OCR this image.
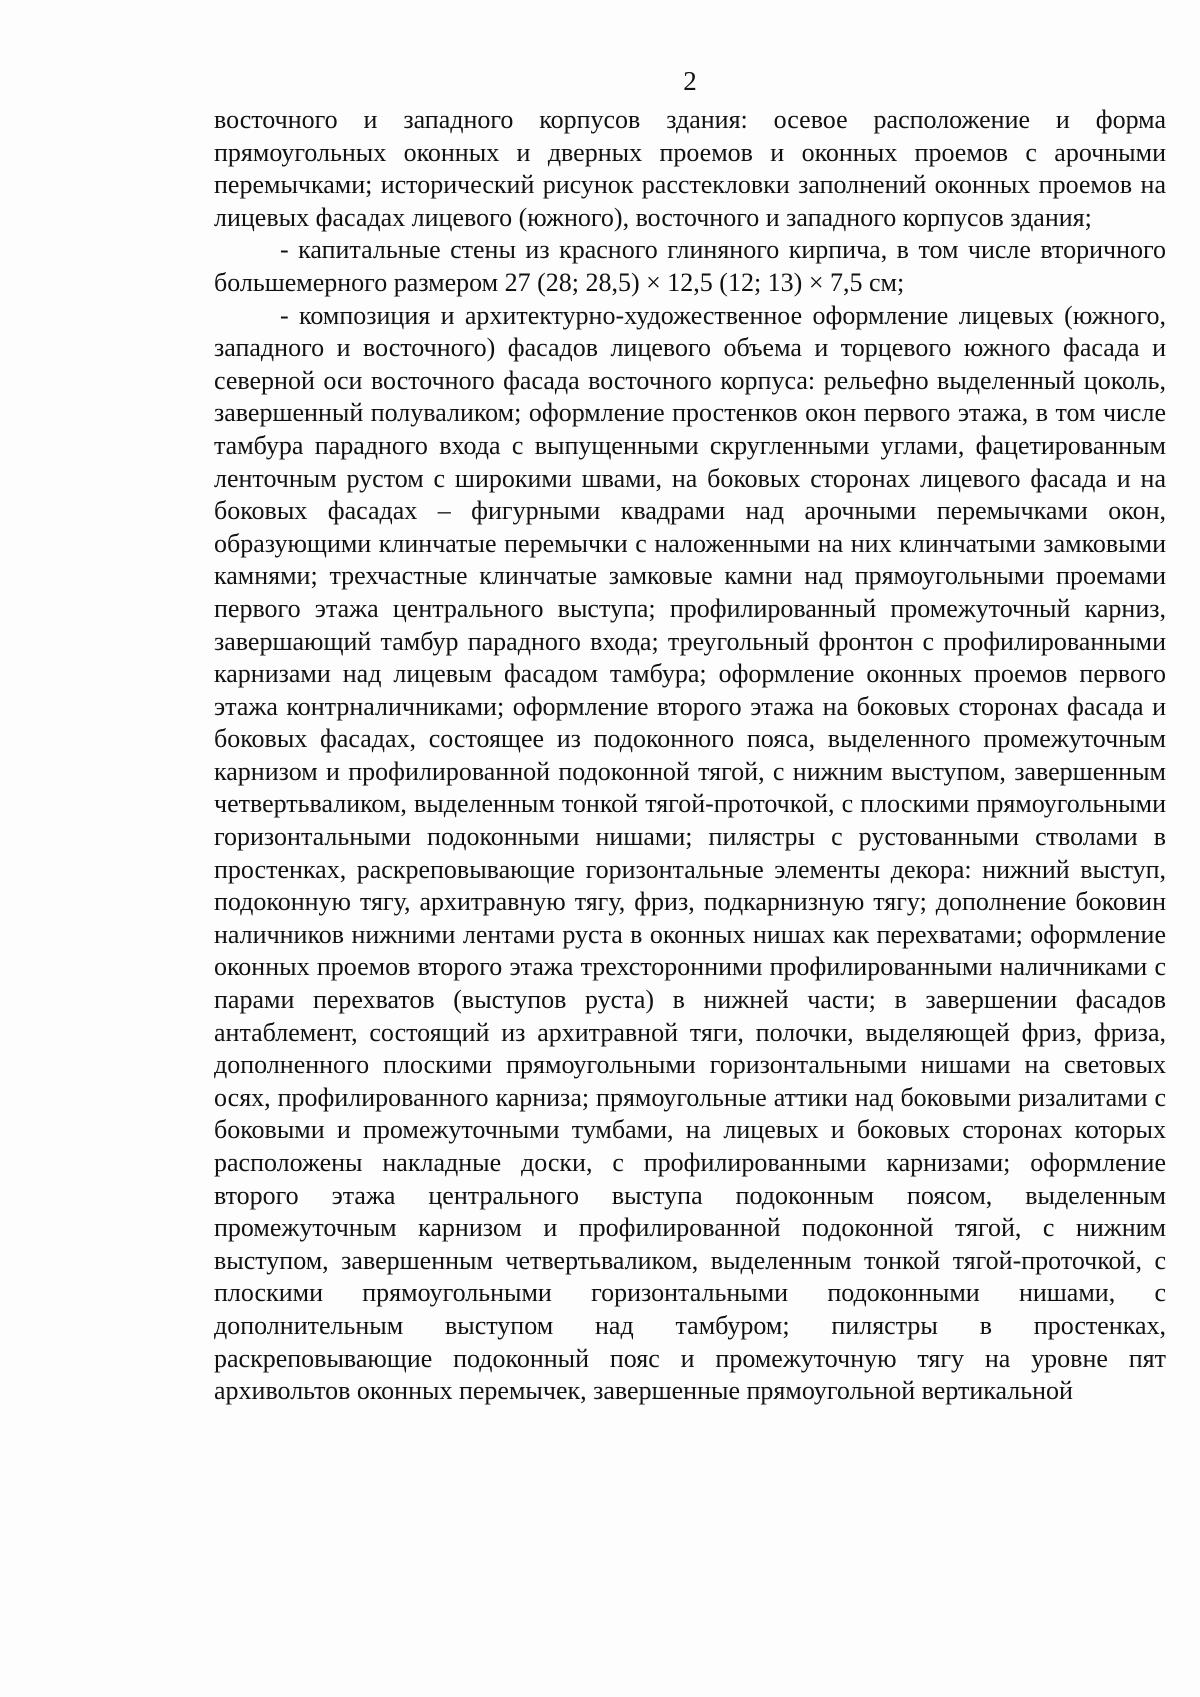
2

восточного и западного корпусов здания: осевое расположение и форма прямоугольных оконных и дверных проемов и оконных проемов с арочными перемычками; исторический рисунок расстекловки заполнений оконных проемов на лицевых фасадах лицевого (южного), восточного и западного корпусов здания;

- капитальные стены из красного глиняного кирпича, в том числе вторичного большемерного размером 27 (28; 28,5) × 12,5 (12; 13) × 7,5 см;

- композиция и архитектурно-художественное оформление лицевых (южного, западного и восточного) фасадов лицевого объема и торцевого южного фасада и северной оси восточного фасада восточного корпуса: рельефно выделенный цоколь, завершенный полуваликом; оформление простенков окон первого этажа, в том числе тамбура парадного входа с выпущенными скругленными углами, фацетированным ленточным рустом с широкими швами, на боковых сторонах лицевого фасада и на боковых фасадах – фигурными квадрами над арочными перемычками окон, образующими клинчатые перемычки с наложенными на них клинчатыми замковыми камнями; трехчастные клинчатые замковые камни над прямоугольными проемами первого этажа центрального выступа; профилированный промежуточный карниз, завершающий тамбур парадного входа; треугольный фронтон с профилированными карнизами над лицевым фасадом тамбура; оформление оконных проемов первого этажа контрналичниками; оформление второго этажа на боковых сторонах фасада и боковых фасадах, состоящее из подоконного пояса, выделенного промежуточным карнизом и профилированной подоконной тягой, с нижним выступом, завершенным четвертьваликом, выделенным тонкой тягой-проточкой, с плоскими прямоугольными горизонтальными подоконными нишами; пилястры с рустованными стволами в простенках, раскреповывающие горизонтальные элементы декора: нижний выступ, подоконную тягу, архитравную тягу, фриз, подкарнизную тягу; дополнение боковин наличников нижними лентами руста в оконных нишах как перехватами; оформление оконных проемов второго этажа трехсторонними профилированными наличниками с парами перехватов (выступов руста) в нижней части; в завершении фасадов антаблемент, состоящий из архитравной тяги, полочки, выделяющей фриз, фриза, дополненного плоскими прямоугольными горизонтальными нишами на световых осях, профилированного карниза; прямоугольные аттики над боковыми ризалитами с боковыми и промежуточными тумбами, на лицевых и боковых сторонах которых расположены накладные доски, с профилированными карнизами; оформление второго этажа центрального выступа подоконным поясом, выделенным промежуточным карнизом и профилированной подоконной тягой, с нижним выступом, завершенным четвертьваликом, выделенным тонкой тягой-проточкой, с плоскими прямоугольными горизонтальными подоконными нишами, с дополнительным выступом над тамбуром; пилястры в простенках, раскреповывающие подоконный пояс и промежуточную тягу на уровне пят архивольтов оконных перемычек, завершенные прямоугольной вертикальной
